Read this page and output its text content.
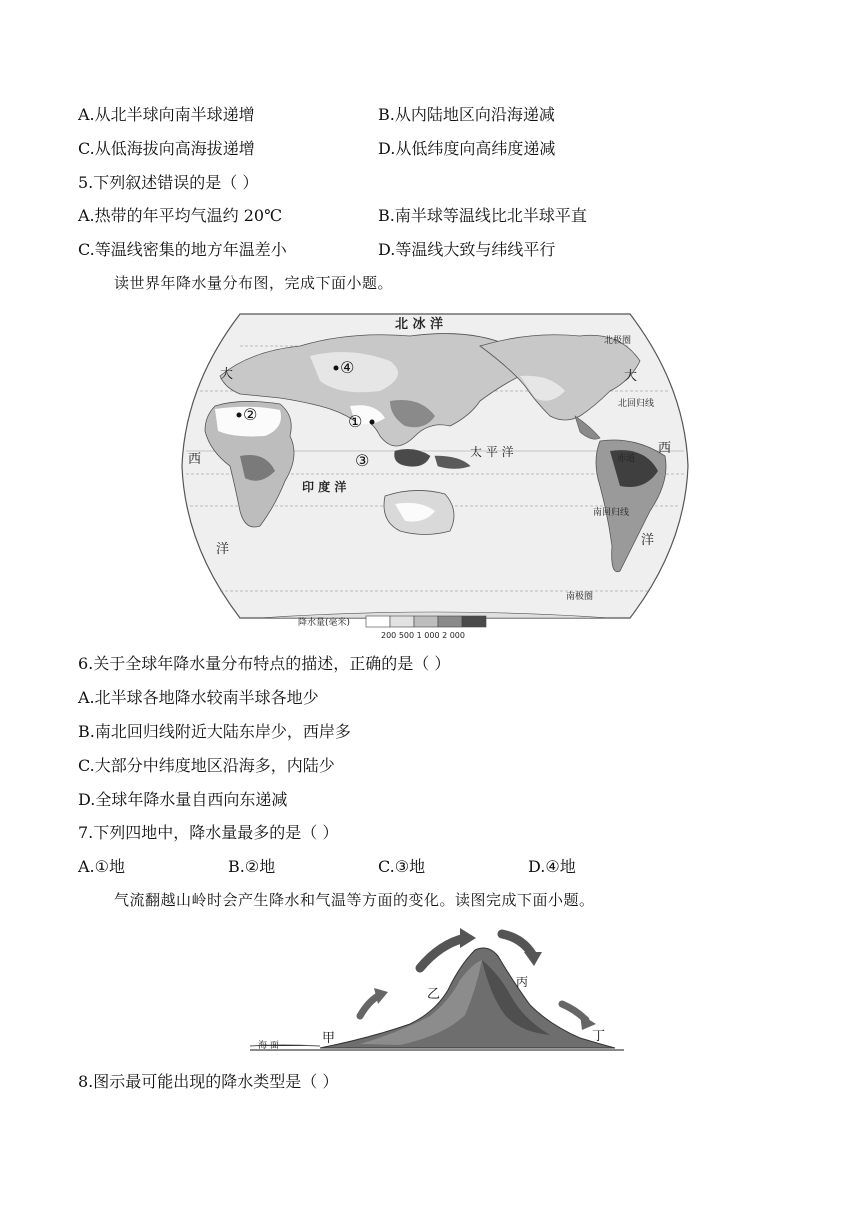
A.从北半球向南半球递增	B.从内陆地区向沿海递减
C.从低海拔向高海拔递增	D.从低纬度向高纬度递减
5.下列叙述错误的是（ ）
A.热带的年平均气温约 20℃	B.南半球等温线比北半球平直
C.等温线密集的地方年温差小	D.等温线大致与纬线平行
读世界年降水量分布图，完成下面小题。
北 冰 洋
太 平 洋
印 度 洋
大
西
洋
大
西
洋
北极圈
北回归线
赤道
南回归线
南极圈
④
②	①
③
降水量(毫米)
200 500 1 000 2 000
6.关于全球年降水量分布特点的描述，正确的是（ ）
A.北半球各地降水较南半球各地少
B.南北回归线附近大陆东岸少，西岸多
C.大部分中纬度地区沿海多，内陆少
D.全球年降水量自西向东递减
7.下列四地中，降水量最多的是（ ）
A.①地	B.②地	C.③地	D.④地
气流翻越山岭时会产生降水和气温等方面的变化。读图完成下面小题。
海 面	甲
乙
丙
丁
8.图示最可能出现的降水类型是（ ）
